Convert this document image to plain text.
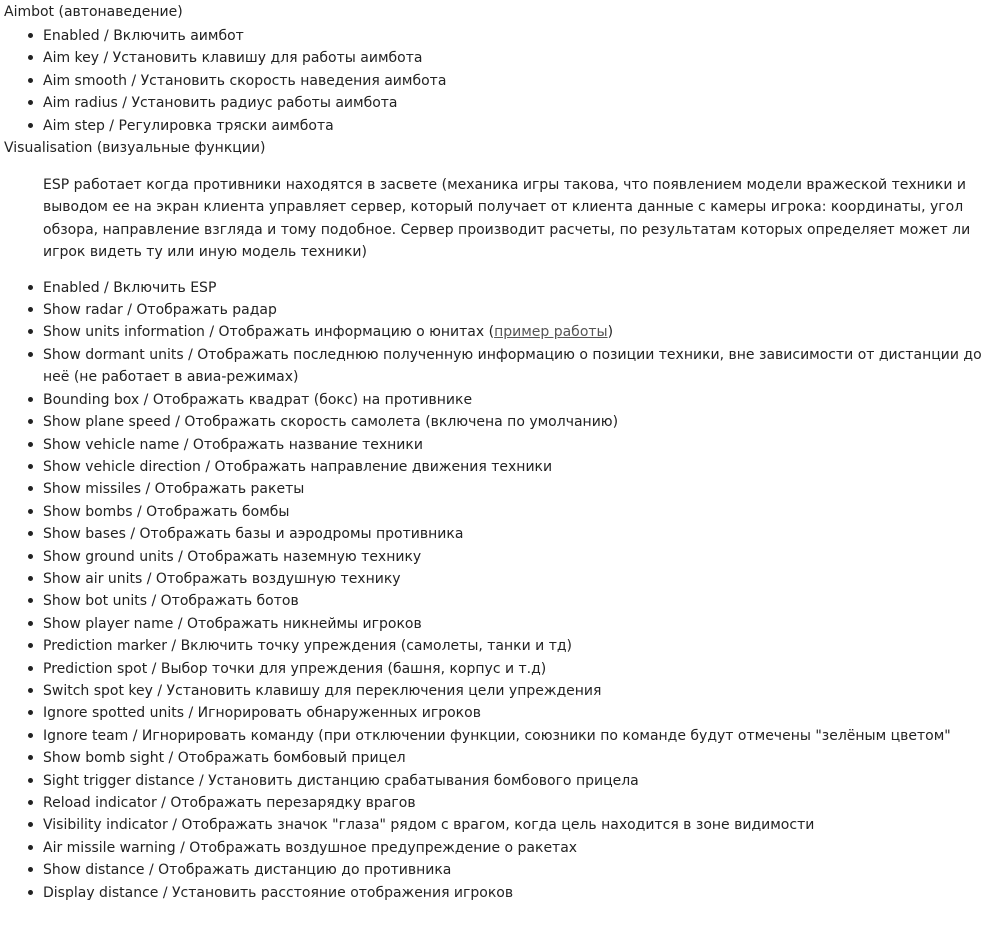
Aimbot (автонаведение)
Enabled / Включить аимбот
Aim key / Установить клавишу для работы аимбота
Aim smooth / Установить скорость наведения аимбота
Aim radius / Установить радиус работы аимбота
Aim step / Регулировка тряски аимбота
Visualisation (визуальные функции)

ESP работает когда противники находятся в засвете (механика игры такова, что появлением модели вражеской техники и выводом ее на экран клиента управляет сервер, который получает от клиента данные с камеры игрока: координаты, угол обзора, направление взгляда и тому подобное. Сервер производит расчеты, по результатам которых определяет может ли игрок видеть ту или иную модель техники)

Enabled / Включить ESP
Show radar / Отображать радар
Show units information / Отображать информацию о юнитах (пример работы)
Show dormant units / Отображать последнюю полученную информацию о позиции техники, вне зависимости от дистанции до неё (не работает в авиа-режимах)
Bounding box / Отображать квадрат (бокс) на противнике
Show plane speed / Отображать скорость самолета (включена по умолчанию)
Show vehicle name / Отображать название техники
Show vehicle direction / Отображать направление движения техники
Show missiles / Отображать ракеты
Show bombs / Отображать бомбы
Show bases / Отображать базы и аэродромы противника
Show ground units / Отображать наземную технику
Show air units / Отображать воздушную технику
Show bot units / Отображать ботов
Show player name / Отображать никнеймы игроков
Prediction marker / Включить точку упреждения (самолеты, танки и тд)
Prediction spot / Выбор точки для упреждения (башня, корпус и т.д)
Switch spot key / Установить клавишу для переключения цели упреждения
Ignore spotted units / Игнорировать обнаруженных игроков
Ignore team / Игнорировать команду (при отключении функции, союзники по команде будут отмечены "зелёным цветом"
Show bomb sight / Отображать бомбовый прицел
Sight trigger distance / Установить дистанцию срабатывания бомбового прицела
Reload indicator / Отображать перезарядку врагов
Visibility indicator / Отображать значок "глаза" рядом с врагом, когда цель находится в зоне видимости
Air missile warning / Отображать воздушное предупреждение о ракетах
Show distance / Отображать дистанцию до противника
Display distance / Установить расстояние отображения игроков
